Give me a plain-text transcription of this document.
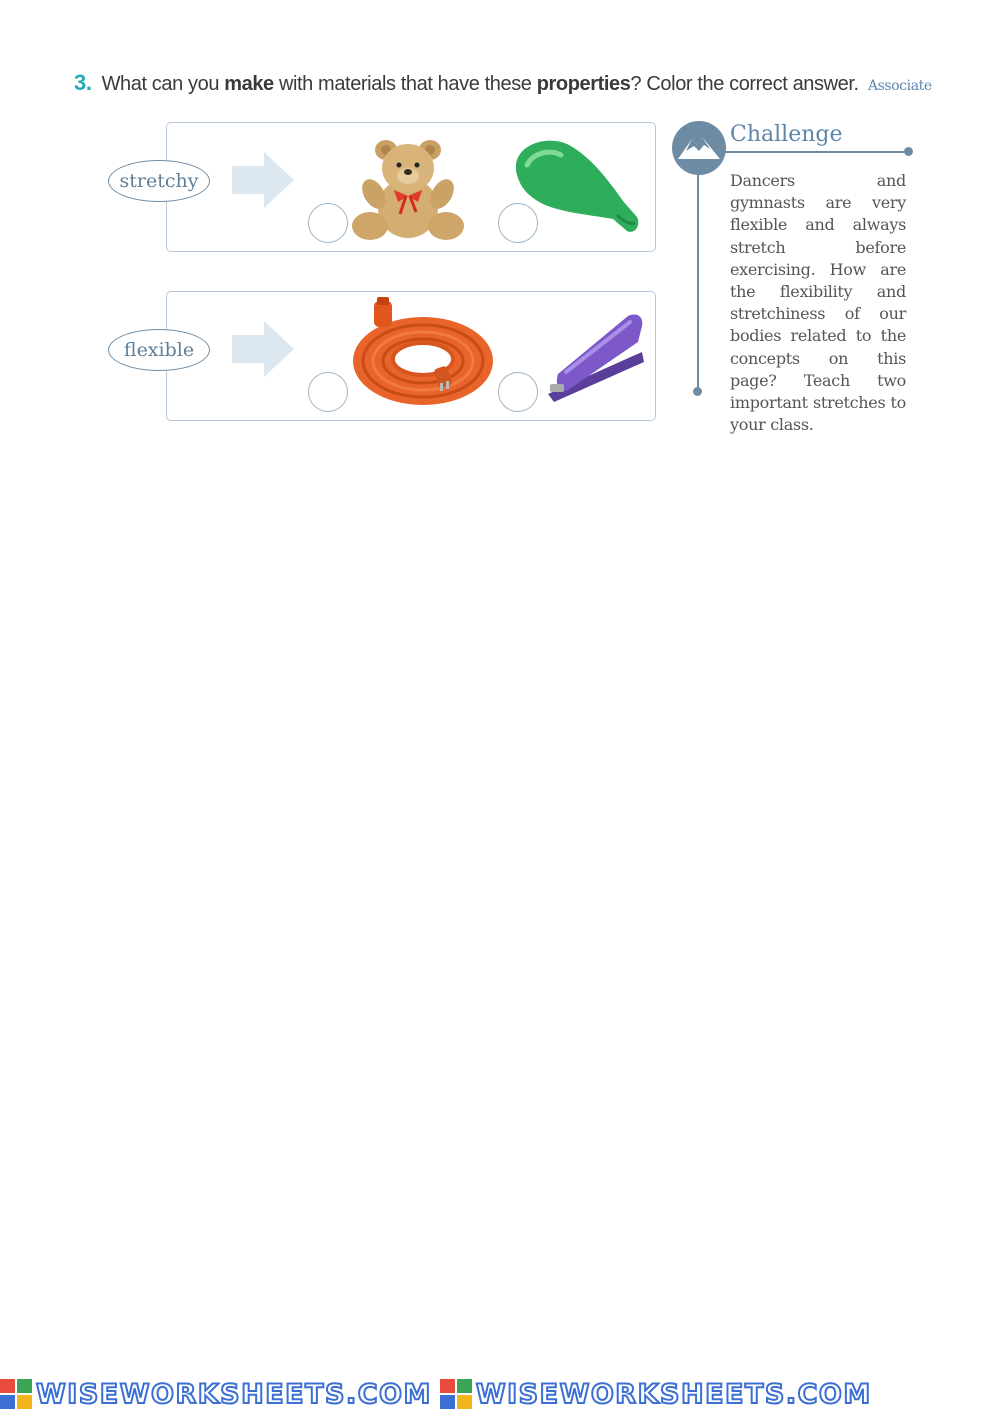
3. What can you make with materials that have these properties? Color the correct answer. Associate
stretchy
flexible
Challenge
Dancers and gymnasts are very flexible and always stretch before exercising. How are the flexibility and stretchiness of our bodies related to the concepts on this page? Teach two important stretches to your class.
WISEWORKSHEETS.COM WISEWORKSHEETS.COM
